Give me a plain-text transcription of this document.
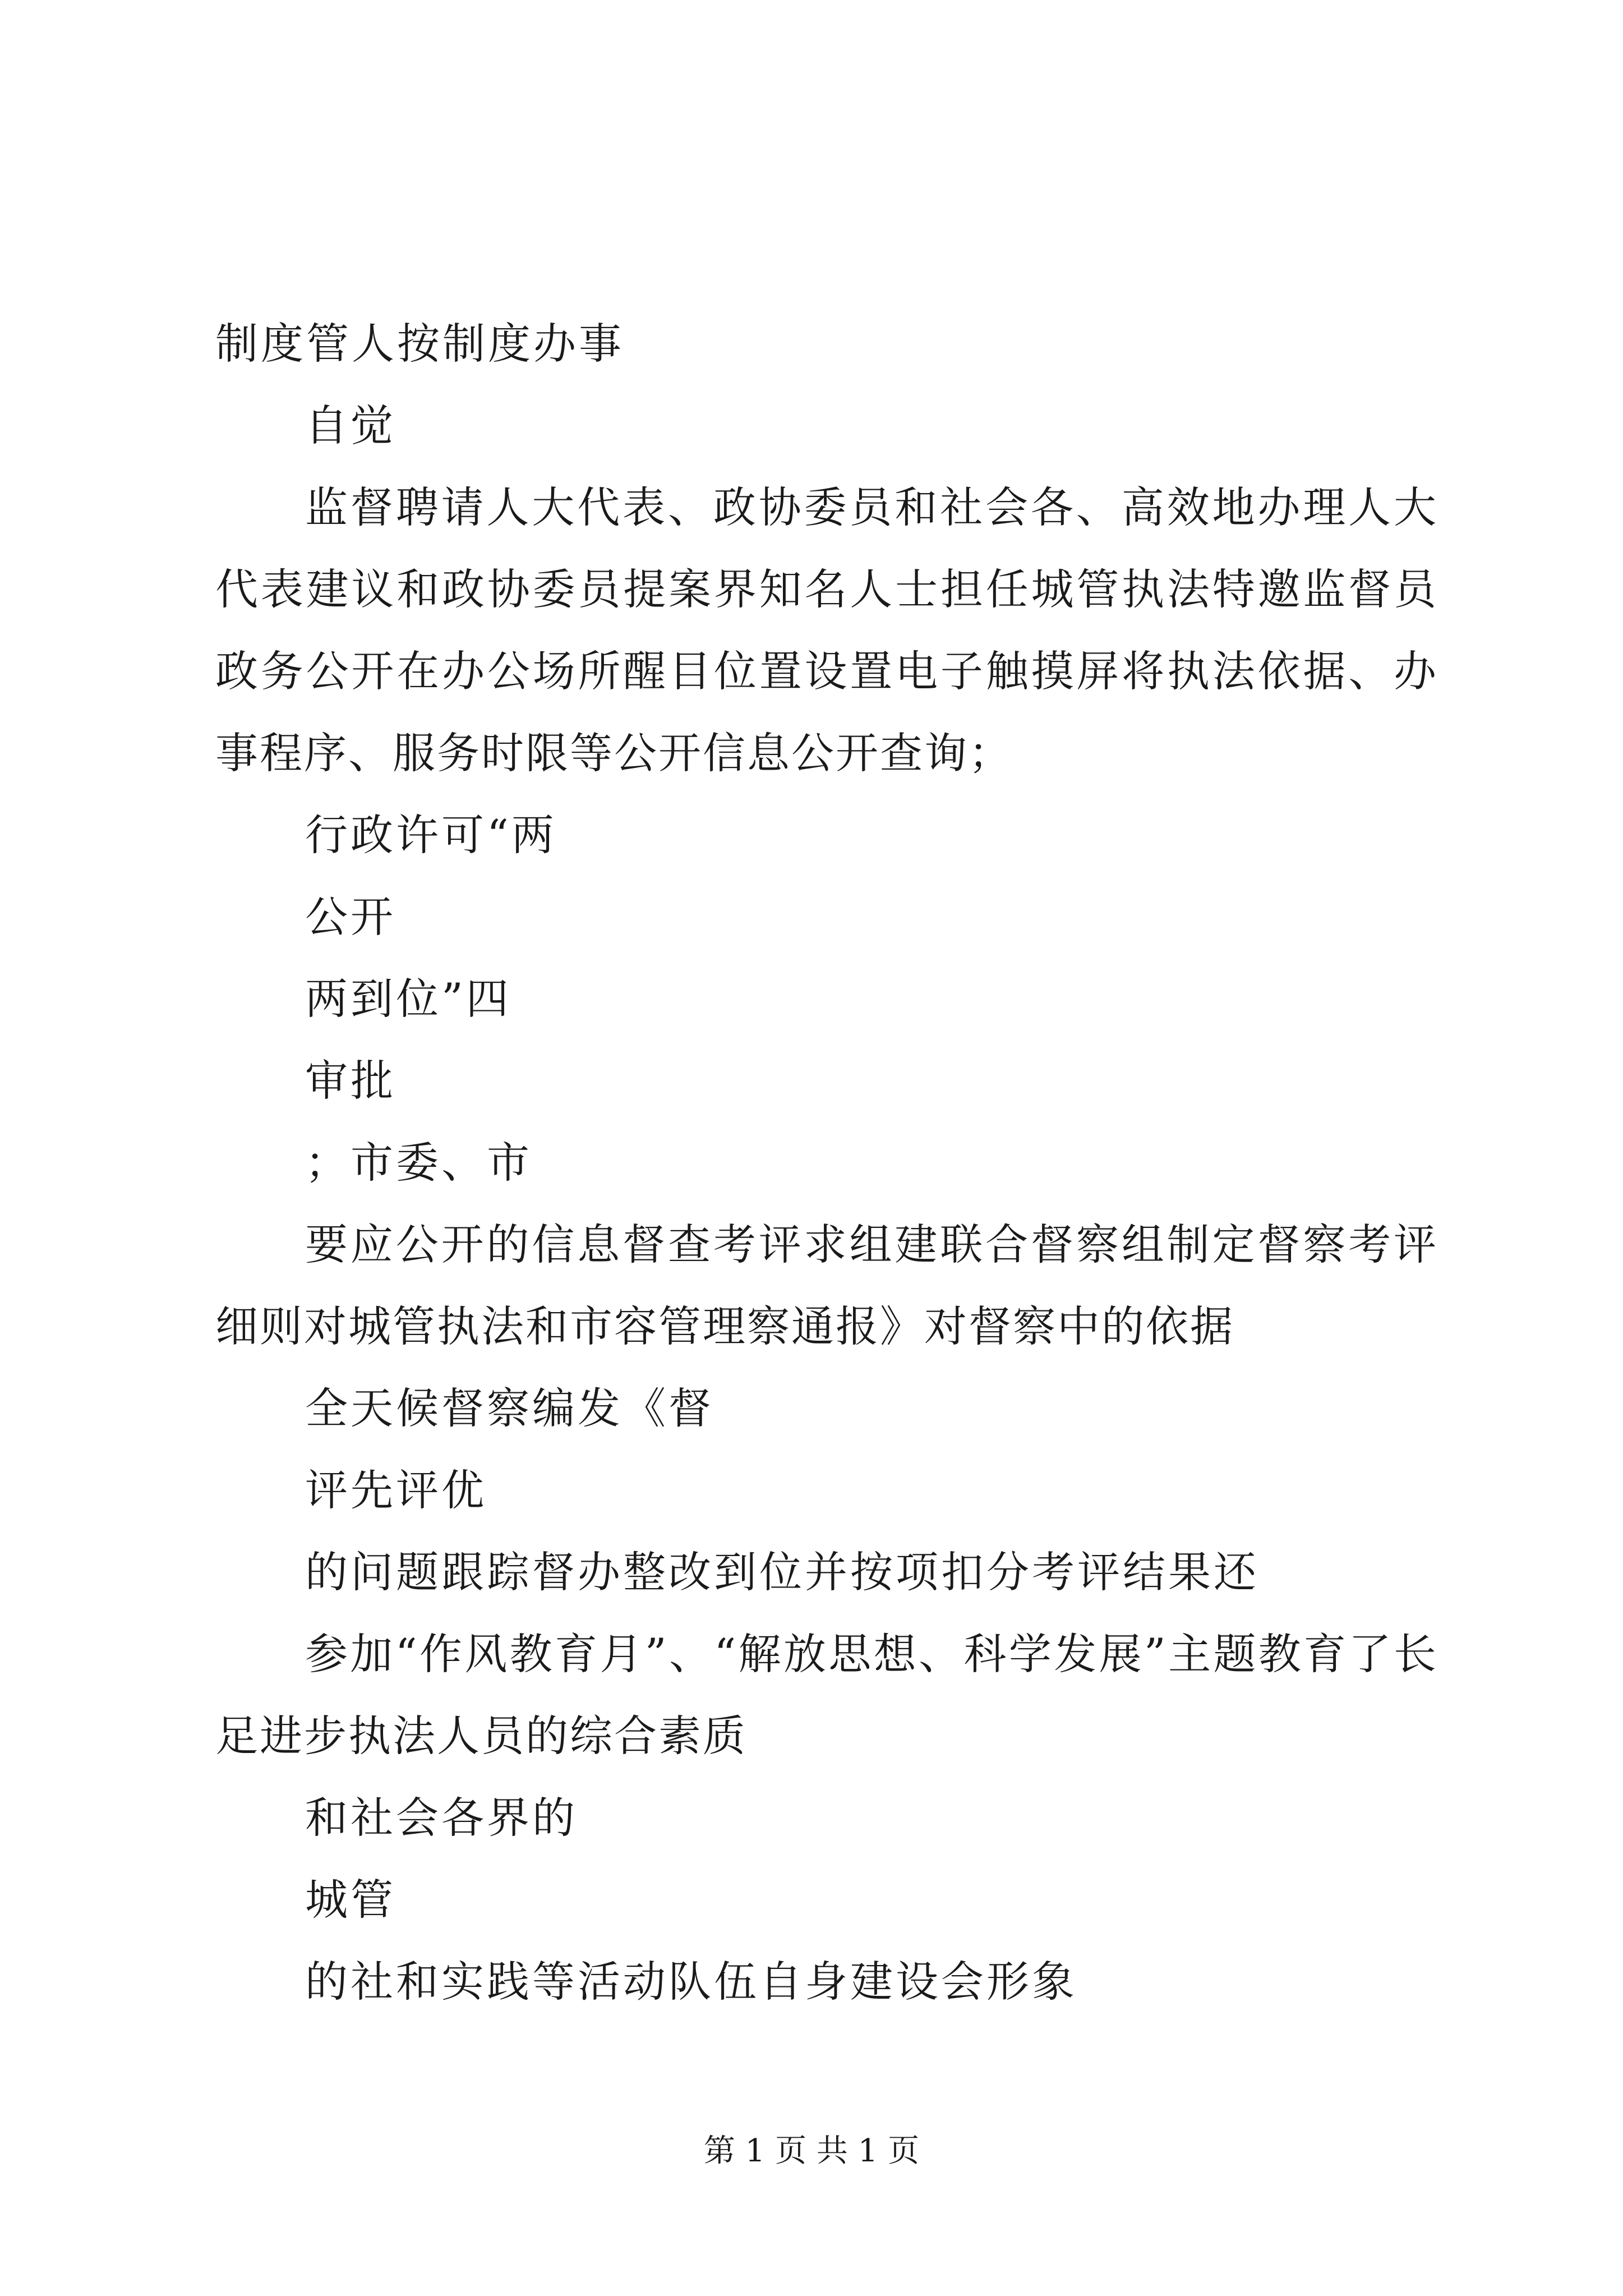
制度管人按制度办事
自觉
监督聘请人大代表、政协委员和社会各、高效地办理人大代表建议和政协委员提案界知名人士担任城管执法特邀监督员政务公开在办公场所醒目位置设置电子触摸屏将执法依据、办事程序、服务时限等公开信息公开查询；
行政许可“两
公开
两到位”四
审批
；市委、市
要应公开的信息督查考评求组建联合督察组制定督察考评细则对城管执法和市容管理察通报》对督察中的依据
全天候督察编发《督
评先评优
的问题跟踪督办整改到位并按项扣分考评结果还
参加“作风教育月”、“解放思想、科学发展”主题教育了长足进步执法人员的综合素质
和社会各界的
城管
的社和实践等活动队伍自身建设会形象
第 1 页 共 1 页
